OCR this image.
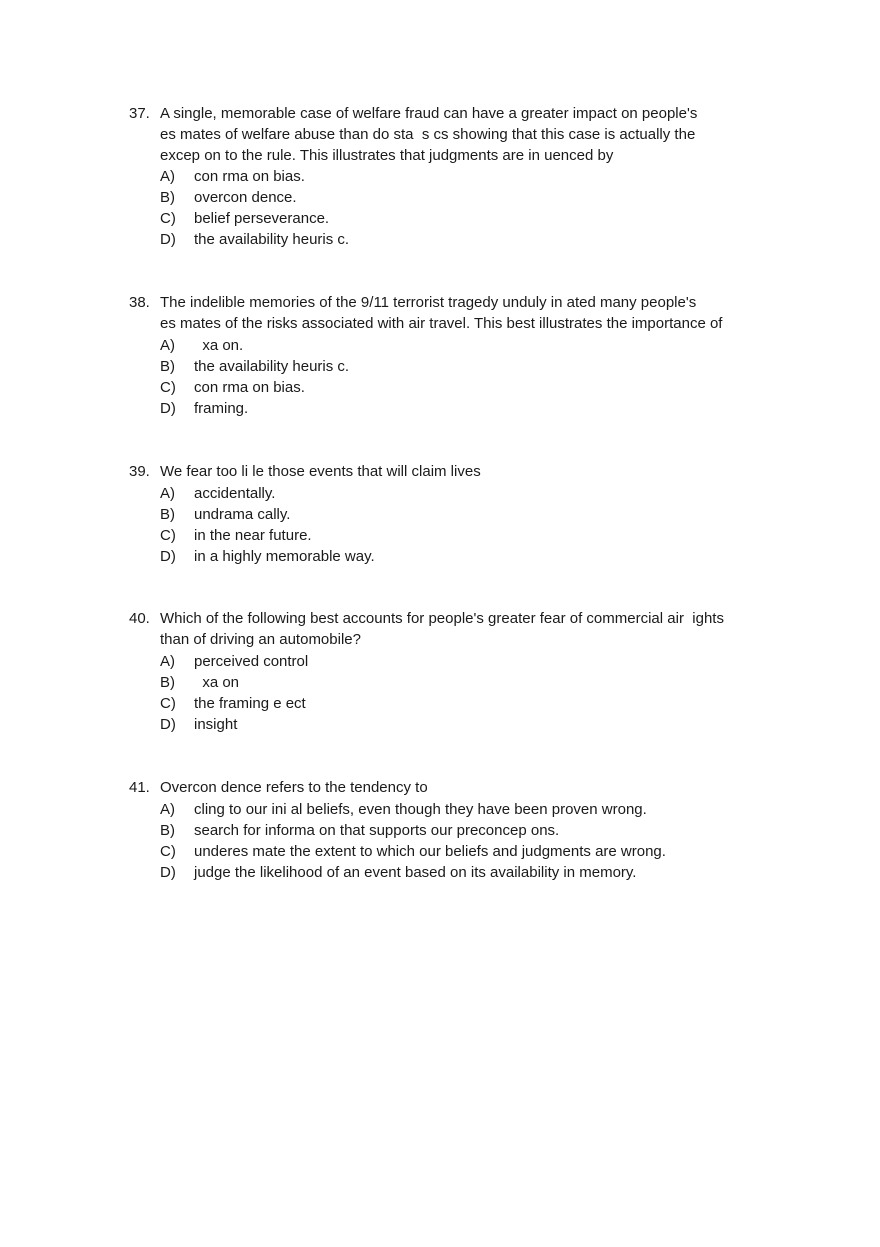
37. A single, memorable case of welfare fraud can have a greater impact on people's
es mates of welfare abuse than do sta  s cs showing that this case is actually the
excep on to the rule. This illustrates that judgments are in uenced by
A)	con rma on bias.
B)	overcon dence.
C)	belief perseverance.
D)	the availability heuris c.
38. The indelible memories of the 9/11 terrorist tragedy unduly in ated many people's
es mates of the risks associated with air travel. This best illustrates the importance of
A)	xa on.
B)	the availability heuris c.
C)	con rma on bias.
D)	framing.
39. We fear too li le those events that will claim lives
A)	accidentally.
B)	undrama cally.
C)	in the near future.
D)	in a highly memorable way.
40. Which of the following best accounts for people's greater fear of commercial air  ights
than of driving an automobile?
A)	perceived control
B)	xa on
C)	the framing e ect
D)	insight
41. Overcon dence refers to the tendency to
A)	cling to our ini al beliefs, even though they have been proven wrong.
B)	search for informa on that supports our preconcep ons.
C)	underes mate the extent to which our beliefs and judgments are wrong.
D)	judge the likelihood of an event based on its availability in memory.
